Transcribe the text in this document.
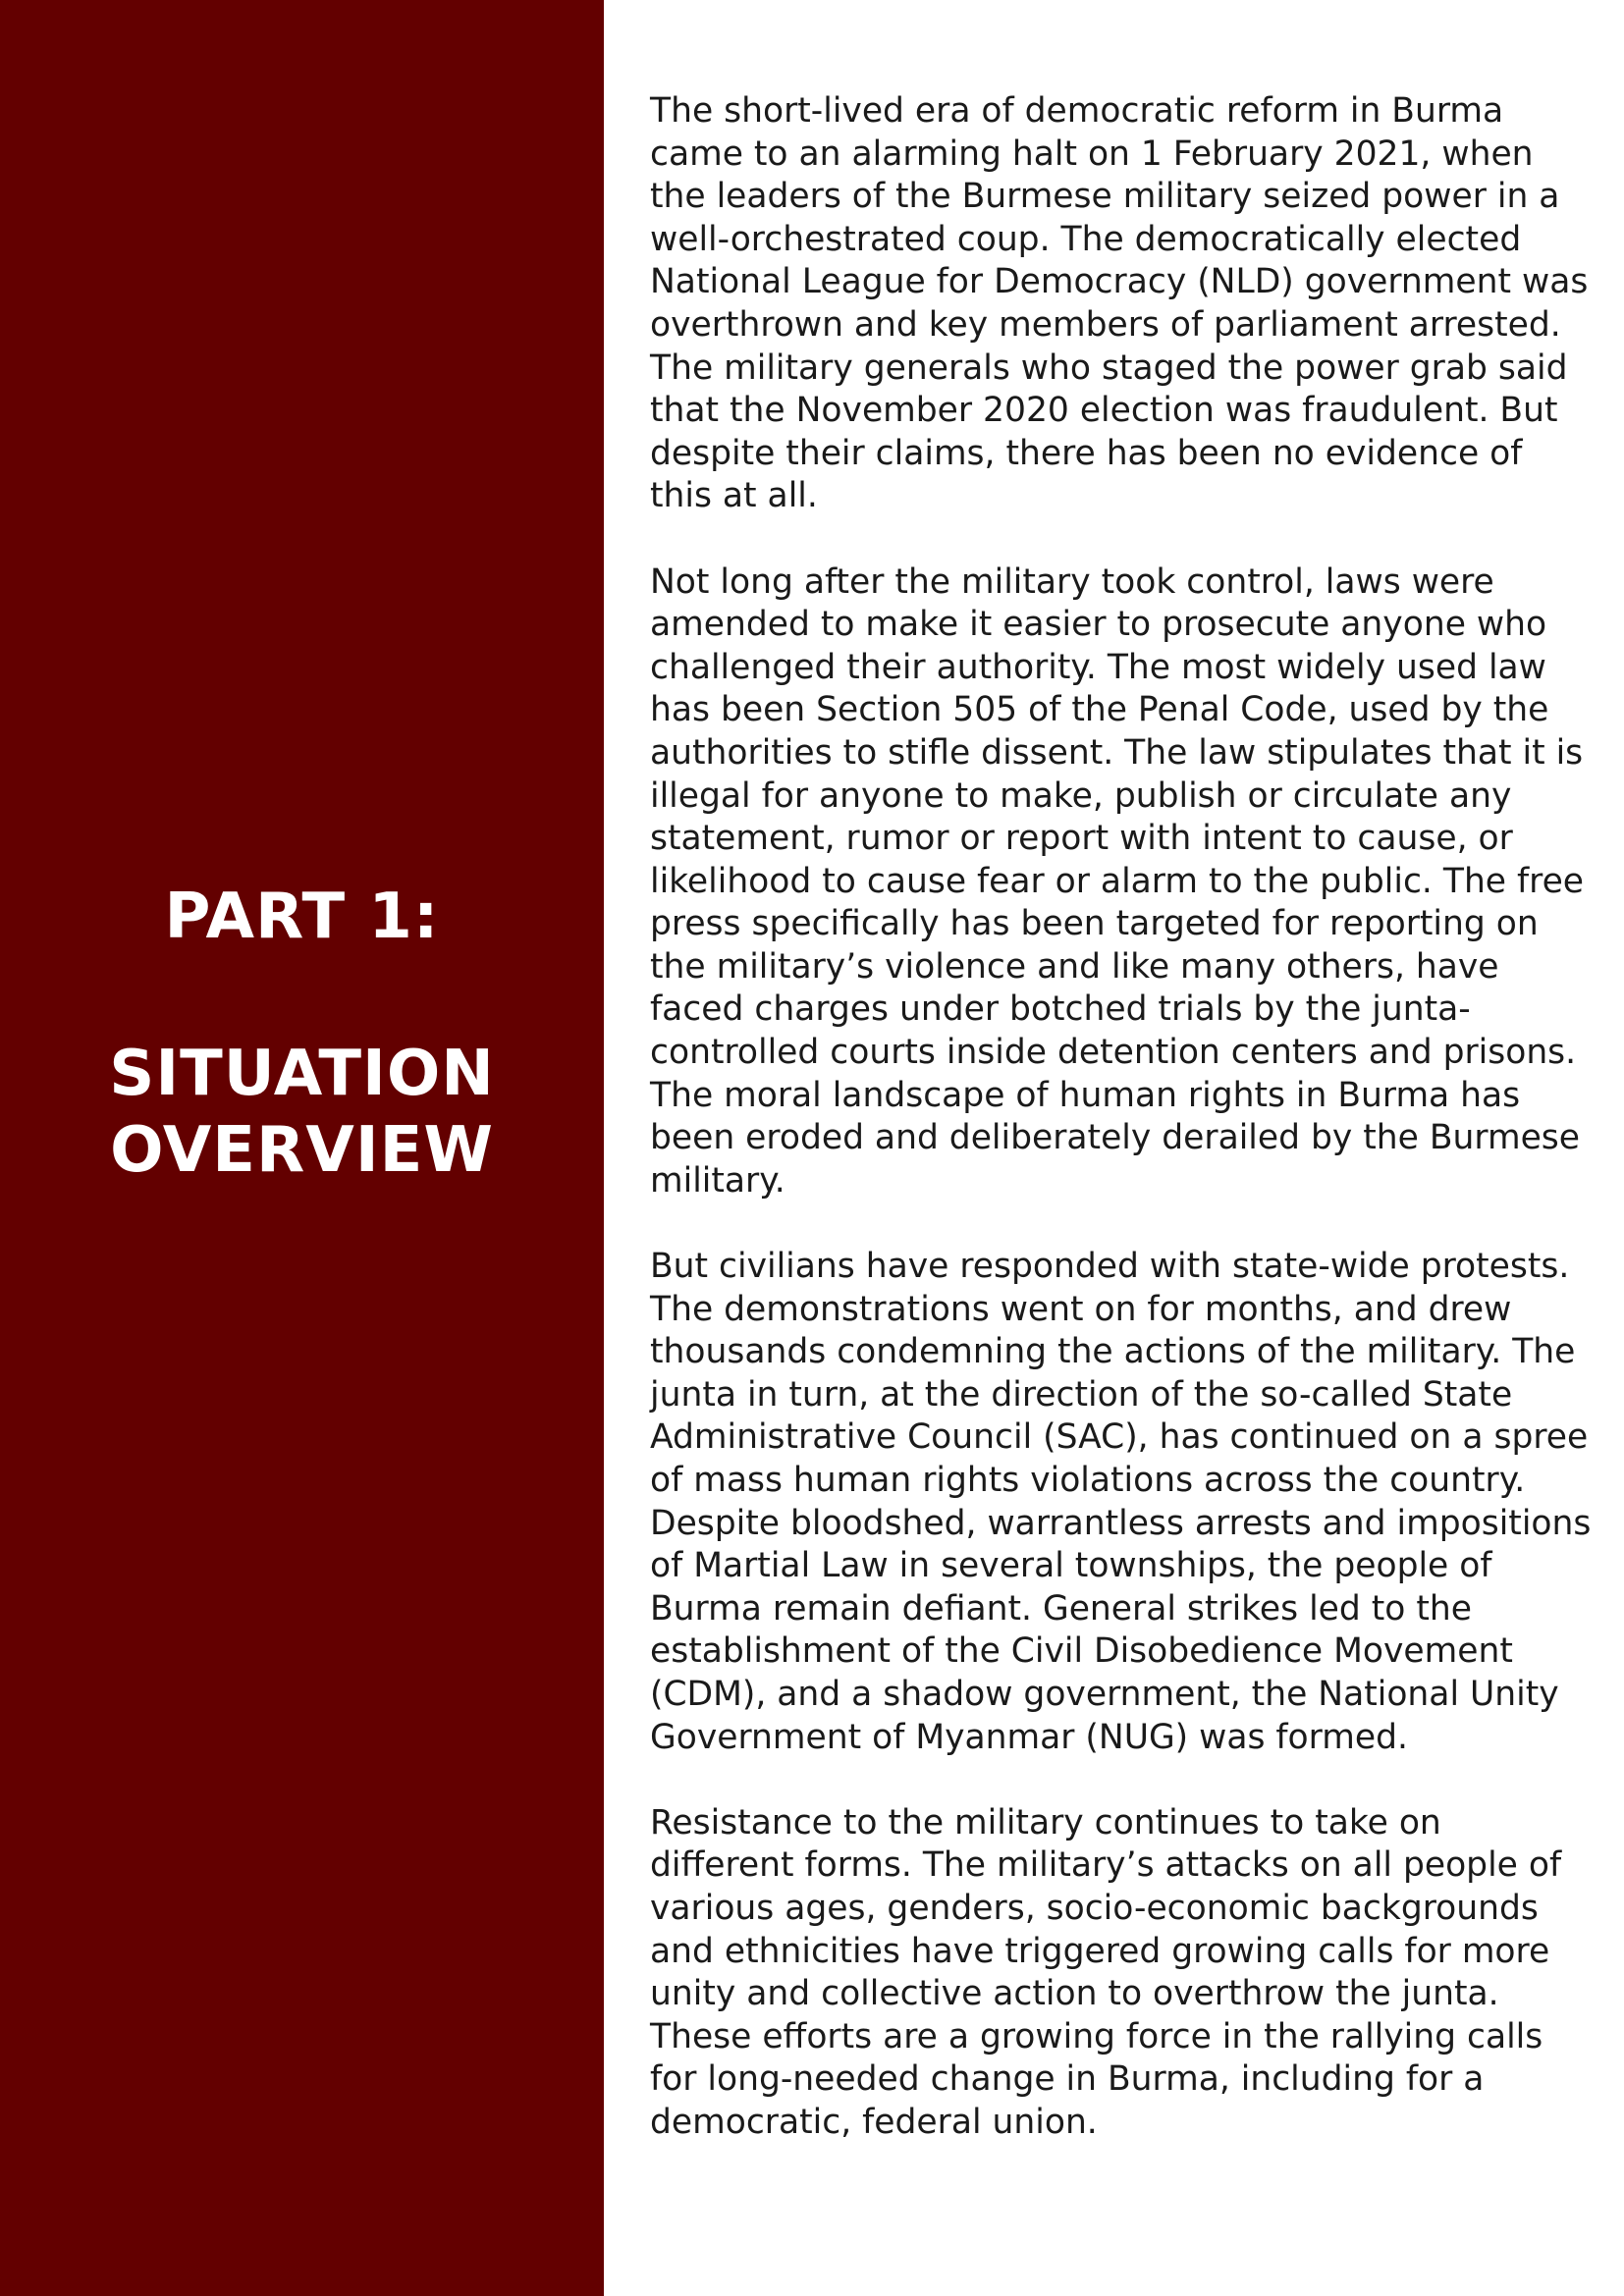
PART 1:
SITUATION
OVERVIEW

The short-lived era of democratic reform in Burma came to an alarming halt on 1 February 2021, when the leaders of the Burmese military seized power in a well-orchestrated coup. The democratically elected National League for Democracy (NLD) government was overthrown and key members of parliament arrested. The military generals who staged the power grab said that the November 2020 election was fraudulent. But despite their claims, there has been no evidence of this at all.

Not long after the military took control, laws were amended to make it easier to prosecute anyone who challenged their authority. The most widely used law has been Section 505 of the Penal Code, used by the authorities to stifle dissent. The law stipulates that it is illegal for anyone to make, publish or circulate any statement, rumor or report with intent to cause, or likelihood to cause fear or alarm to the public. The free press specifically has been targeted for reporting on the military’s violence and like many others, have faced charges under botched trials by the junta-controlled courts inside detention centers and prisons. The moral landscape of human rights in Burma has been eroded and deliberately derailed by the Burmese military.

But civilians have responded with state-wide protests. The demonstrations went on for months, and drew thousands condemning the actions of the military. The junta in turn, at the direction of the so-called State Administrative Council (SAC), has continued on a spree of mass human rights violations across the country. Despite bloodshed, warrantless arrests and impositions of Martial Law in several townships, the people of Burma remain defiant. General strikes led to the establishment of the Civil Disobedience Movement (CDM), and a shadow government, the National Unity Government of Myanmar (NUG) was formed.

Resistance to the military continues to take on different forms. The military’s attacks on all people of various ages, genders, socio-economic backgrounds and ethnicities have triggered growing calls for more unity and collective action to overthrow the junta. These efforts are a growing force in the rallying calls for long-needed change in Burma, including for a democratic, federal union.
